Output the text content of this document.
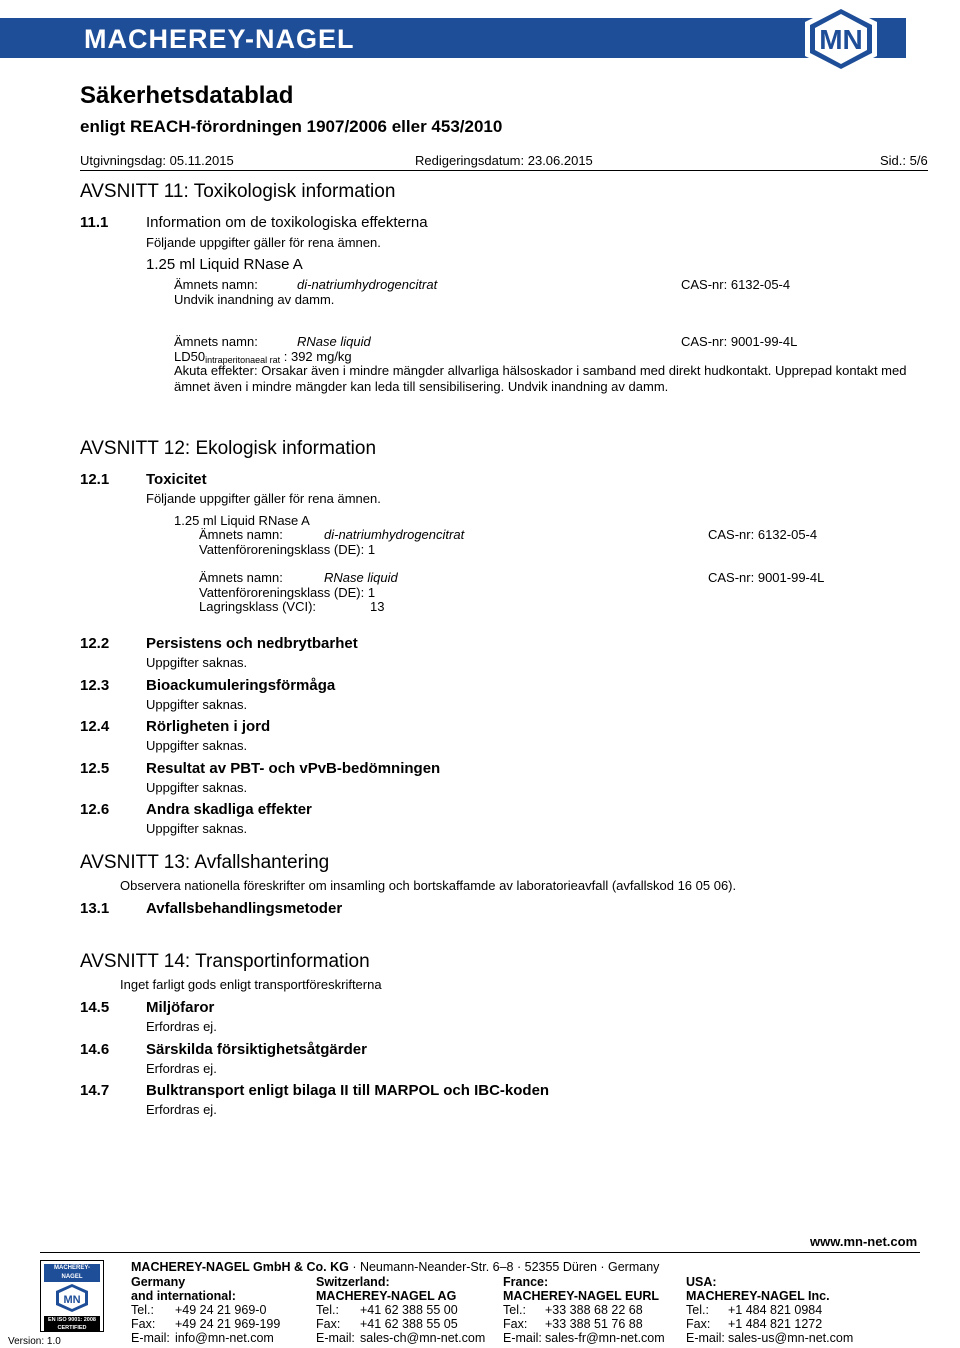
MACHEREY-NAGEL	MN
Säkerhetsdatablad
enligt REACH-förordningen 1907/2006 eller 453/2010
Utgivningsdag: 05.11.2015	Redigeringsdatum: 23.06.2015	Sid.: 5/6
AVSNITT 11: Toxikologisk information
11.1	Information om de toxikologiska effekterna
Följande uppgifter gäller för rena ämnen.
1.25 ml Liquid RNase A
Ämnets namn:	di-natriumhydrogencitrat	CAS-nr: 6132-05-4
Undvik inandning av damm.
Ämnets namn:	RNase liquid	CAS-nr: 9001-99-4L
$LD50_{intraperitonaeal rat}$ : 392 mg/kg
Akuta effekter: Orsakar även i mindre mängder allvarliga hälsoskador i samband med direkt hudkontakt. Upprepad kontakt med ämnet även i mindre mängder kan leda till sensibilisering. Undvik inandning av damm.
AVSNITT 12: Ekologisk information
12.1 Toxicitet
Följande uppgifter gäller för rena ämnen.
1.25 ml Liquid RNase A
Ämnets namn:	di-natriumhydrogencitrat	CAS-nr: 6132-05-4
Vattenföroreningsklass (DE): 1
Ämnets namn:	RNase liquid	CAS-nr: 9001-99-4L
Vattenföroreningsklass (DE): 1
Lagringsklass (VCI):	13
12.2 Persistens och nedbrytbarhet
Uppgifter saknas.
12.3 Bioackumuleringsförmåga
Uppgifter saknas.
12.4 Rörligheten i jord
Uppgifter saknas.
12.5 Resultat av PBT- och vPvB-bedömningen
Uppgifter saknas.
12.6 Andra skadliga effekter
Uppgifter saknas.
AVSNITT 13: Avfallshantering
Observera nationella föreskrifter om insamling och bortskaffamde av laboratorieavfall (avfallskod 16 05 06).
13.1 Avfallsbehandlingsmetoder
AVSNITT 14: Transportinformation
Inget farligt gods enligt transportföreskrifterna
14.5 Miljöfaror
Erfordras ej.
14.6 Särskilda försiktighetsåtgärder
Erfordras ej.
14.7 Bulktransport enligt bilaga II till MARPOL och IBC-koden
Erfordras ej.
www.mn-net.com
MACHEREY-NAGEL
MN
EN ISO 9001: 2008
CERTIFIED
Version: 1.0
MACHEREY-NAGEL GmbH & Co. KG · Neumann-Neander-Str. 6–8 · 52355 Düren · Germany
Germany
and international:
Tel.: +49 24 21 969-0
Fax: +49 24 21 969-199
E-mail: info@mn-net.com
Switzerland:
MACHEREY-NAGEL AG
Tel.: +41 62 388 55 00
Fax: +41 62 388 55 05
E-mail: sales-ch@mn-net.com
France:
MACHEREY-NAGEL EURL
Tel.: +33 388 68 22 68
Fax: +33 388 51 76 88
E-mail: sales-fr@mn-net.com
USA:
MACHEREY-NAGEL Inc.
Tel.: +1 484 821 0984
Fax: +1 484 821 1272
E-mail: sales-us@mn-net.com
